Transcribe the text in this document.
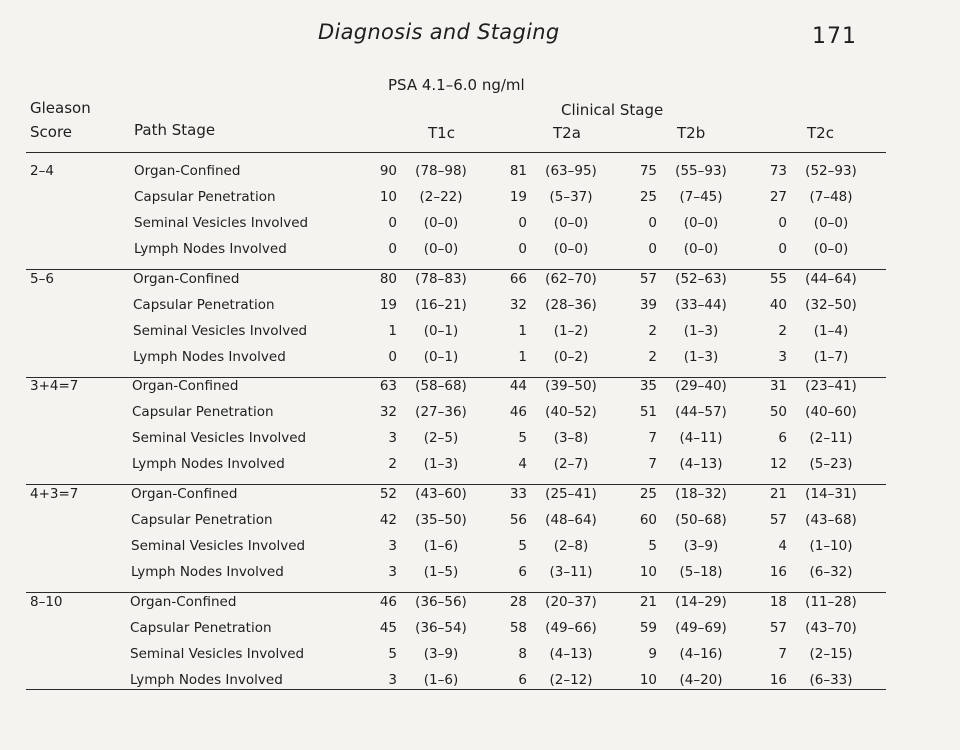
Diagnosis and Staging	171
PSA 4.1–6.0 ng/ml
Gleason
Score
Clinical Stage
Path Stage	T1c	T2a	T2b	T2c
2–4	Organ-Confined	90	(78–98)	81	(63–95)	75	(55–93)	73	(52–93)
Capsular Penetration	10	(2–22)	19	(5–37)	25	(7–45)	27	(7–48)
Seminal Vesicles Involved	0	(0–0)	0	(0–0)	0	(0–0)	0	(0–0)
Lymph Nodes Involved	0	(0–0)	0	(0–0)	0	(0–0)	0	(0–0)
5–6	Organ-Confined	80	(78–83)	66	(62–70)	57	(52–63)	55	(44–64)
Capsular Penetration	19	(16–21)	32	(28–36)	39	(33–44)	40	(32–50)
Seminal Vesicles Involved	1	(0–1)	1	(1–2)	2	(1–3)	2	(1–4)
Lymph Nodes Involved	0	(0–1)	1	(0–2)	2	(1–3)	3	(1–7)
3+4=7	Organ-Confined	63	(58–68)	44	(39–50)	35	(29–40)	31	(23–41)
Capsular Penetration	32	(27–36)	46	(40–52)	51	(44–57)	50	(40–60)
Seminal Vesicles Involved	3	(2–5)	5	(3–8)	7	(4–11)	6	(2–11)
Lymph Nodes Involved	2	(1–3)	4	(2–7)	7	(4–13)	12	(5–23)
4+3=7	Organ-Confined	52	(43–60)	33	(25–41)	25	(18–32)	21	(14–31)
Capsular Penetration	42	(35–50)	56	(48–64)	60	(50–68)	57	(43–68)
Seminal Vesicles Involved	3	(1–6)	5	(2–8)	5	(3–9)	4	(1–10)
Lymph Nodes Involved	3	(1–5)	6	(3–11)	10	(5–18)	16	(6–32)
8–10	Organ-Confined	46	(36–56)	28	(20–37)	21	(14–29)	18	(11–28)
Capsular Penetration	45	(36–54)	58	(49–66)	59	(49–69)	57	(43–70)
Seminal Vesicles Involved	5	(3–9)	8	(4–13)	9	(4–16)	7	(2–15)
Lymph Nodes Involved	3	(1–6)	6	(2–12)	10	(4–20)	16	(6–33)
